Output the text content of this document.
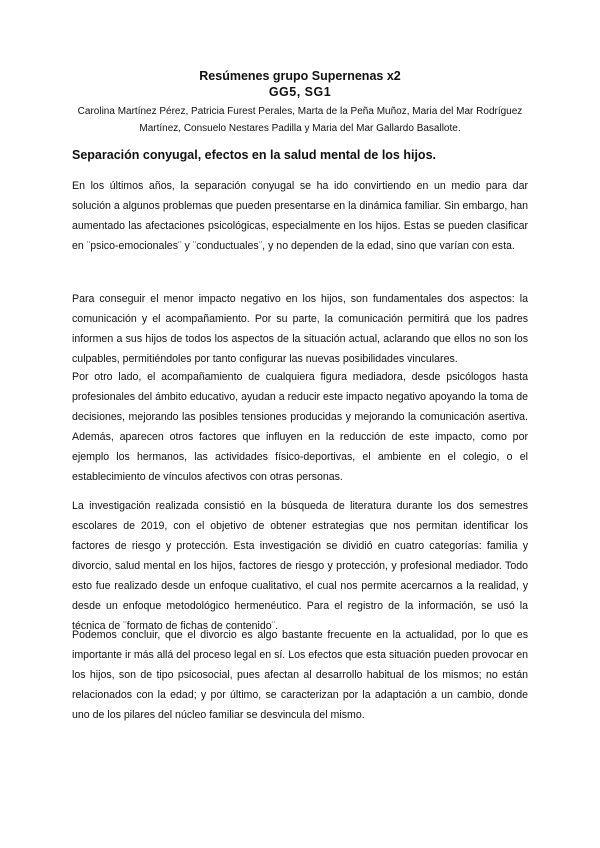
Resúmenes grupo Supernenas x2

GG5, SG1

Carolina Martínez Pérez, Patricia Furest Perales, Marta de la Peña Muñoz, Maria del Mar Rodríguez Martínez, Consuelo Nestares Padilla y Maria del Mar Gallardo Basallote.

Separación conyugal, efectos en la salud mental de los hijos.

En los últimos años, la separación conyugal se ha ido convirtiendo en un medio para dar solución a algunos problemas que pueden presentarse en la dinámica familiar. Sin embargo, han aumentado las afectaciones psicológicas, especialmente en los hijos. Estas se pueden clasificar en ¨psico-emocionales¨ y ¨conductuales¨, y no dependen de la edad, sino que varían con esta.

Para conseguir el menor impacto negativo en los hijos, son fundamentales dos aspectos: la comunicación y el acompañamiento. Por su parte, la comunicación permitirá que los padres informen a sus hijos de todos los aspectos de la situación actual, aclarando que ellos no son los culpables, permitiéndoles por tanto configurar las nuevas posibilidades vinculares.

Por otro lado, el acompañamiento de cualquiera figura mediadora, desde psicólogos hasta profesionales del ámbito educativo, ayudan a reducir este impacto negativo apoyando la toma de decisiones, mejorando las posibles tensiones producidas y mejorando la comunicación asertiva. Además, aparecen otros factores que influyen en la reducción de este impacto, como por ejemplo los hermanos, las actividades físico-deportivas, el ambiente en el colegio, o el establecimiento de vínculos afectivos con otras personas.

La investigación realizada consistió en la búsqueda de literatura durante los dos semestres escolares de 2019, con el objetivo de obtener estrategias que nos permitan identificar los factores de riesgo y protección. Esta investigación se dividió en cuatro categorías: familia y divorcio, salud mental en los hijos, factores de riesgo y protección, y profesional mediador. Todo esto fue realizado desde un enfoque cualitativo, el cual nos permite acercarnos a la realidad, y desde un enfoque metodológico hermenéutico. Para el registro de la información, se usó la técnica de ¨formato de fichas de contenido¨.

Podemos concluir, que el divorcio es algo bastante frecuente en la actualidad, por lo que es importante ir más allá del proceso legal en sí. Los efectos que esta situación pueden provocar en los hijos, son de tipo psicosocial, pues afectan al desarrollo habitual de los mismos; no están relacionados con la edad; y por último, se caracterizan por la adaptación a un cambio, donde uno de los pilares del núcleo familiar se desvincula del mismo.
